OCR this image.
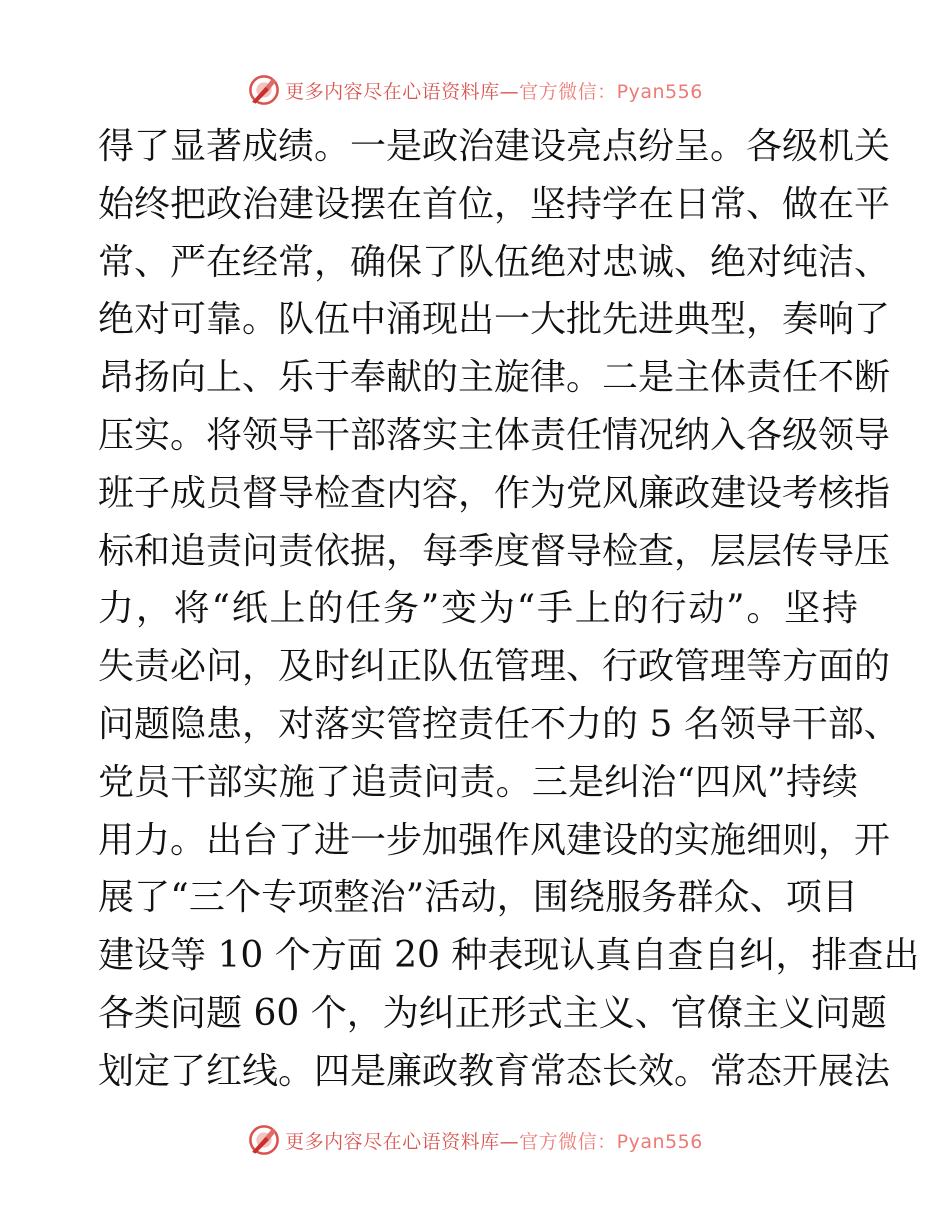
更多内容尽在心语资料库— 官方微信：Pyan556
得了显著成绩。一是政治建设亮点纷呈。各级机关
始终把政治建设摆在首位，坚持学在日常、做在平
常、严在经常，确保了队伍绝对忠诚、绝对纯洁、
绝对可靠。队伍中涌现出一大批先进典型，奏响了
昂扬向上、乐于奉献的主旋律。二是主体责任不断
压实。将领导干部落实主体责任情况纳入各级领导
班子成员督导检查内容，作为党风廉政建设考核指
标和追责问责依据，每季度督导检查，层层传导压
力，将“纸上的任务”变为“手上的行动”。坚持
失责必问，及时纠正队伍管理、行政管理等方面的
问题隐患，对落实管控责任不力的 5 名领导干部、
党员干部实施了追责问责。三是纠治“四风”持续
用力。出台了进一步加强作风建设的实施细则，开
展了“三个专项整治”活动，围绕服务群众、项目
建设等 10 个方面 20 种表现认真自查自纠，排查出
各类问题 60 个，为纠正形式主义、官僚主义问题
划定了红线。四是廉政教育常态长效。常态开展法
更多内容尽在心语资料库— 官方微信：Pyan556
